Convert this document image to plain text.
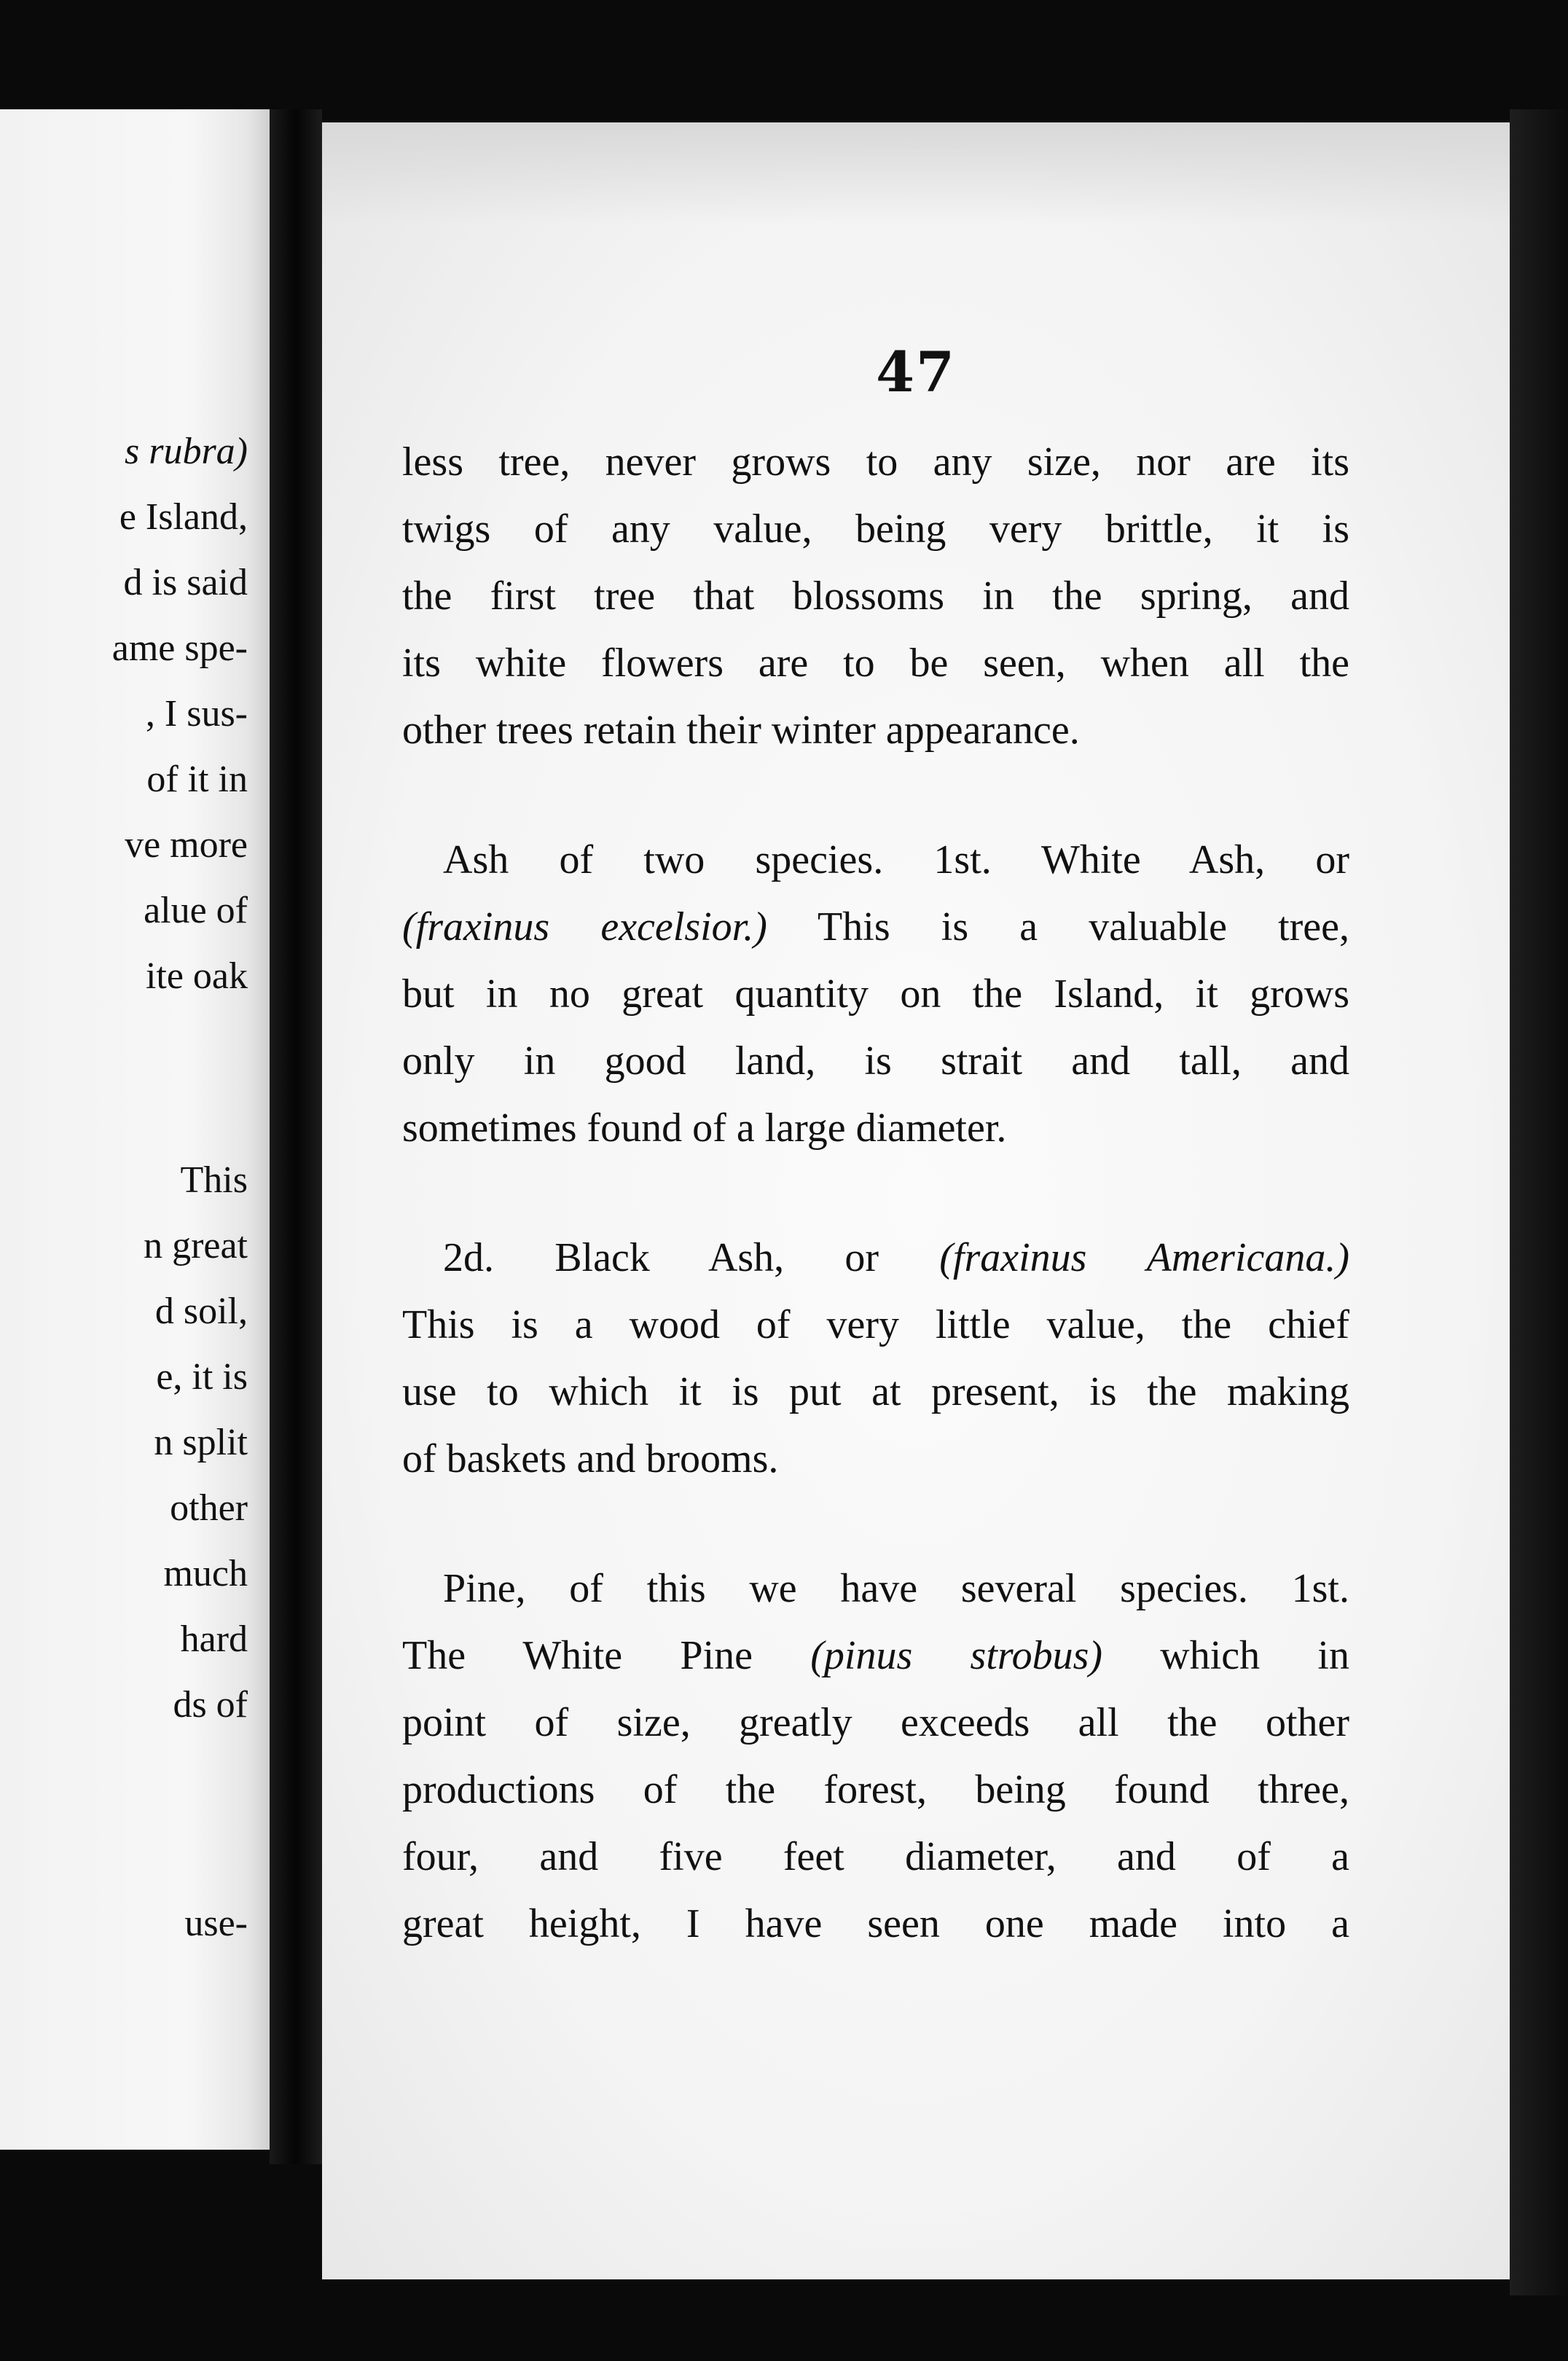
s rubra)
e Island,
d is said
ame spe-
, I sus-
of it in
ve more
alue of
ite oak
This
n great
d soil,
e, it is
n split
other
much
hard
ds of
use-
47
less tree, never grows to any size, nor are its
twigs of any value, being very brittle, it is
the first tree that blossoms in the spring, and
its white flowers are to be seen, when all the
other trees retain their winter appearance.
Ash of two species. 1st. White Ash, or
(fraxinus excelsior.) This is a valuable tree,
but in no great quantity on the Island, it grows
only in good land, is strait and tall, and
sometimes found of a large diameter.
2d. Black Ash, or (fraxinus Americana.)
This is a wood of very little value, the chief
use to which it is put at present, is the making
of baskets and brooms.
Pine, of this we have several species. 1st.
The White Pine (pinus strobus) which in
point of size, greatly exceeds all the other
productions of the forest, being found three,
four, and five feet diameter, and of a
great height, I have seen one made into a
